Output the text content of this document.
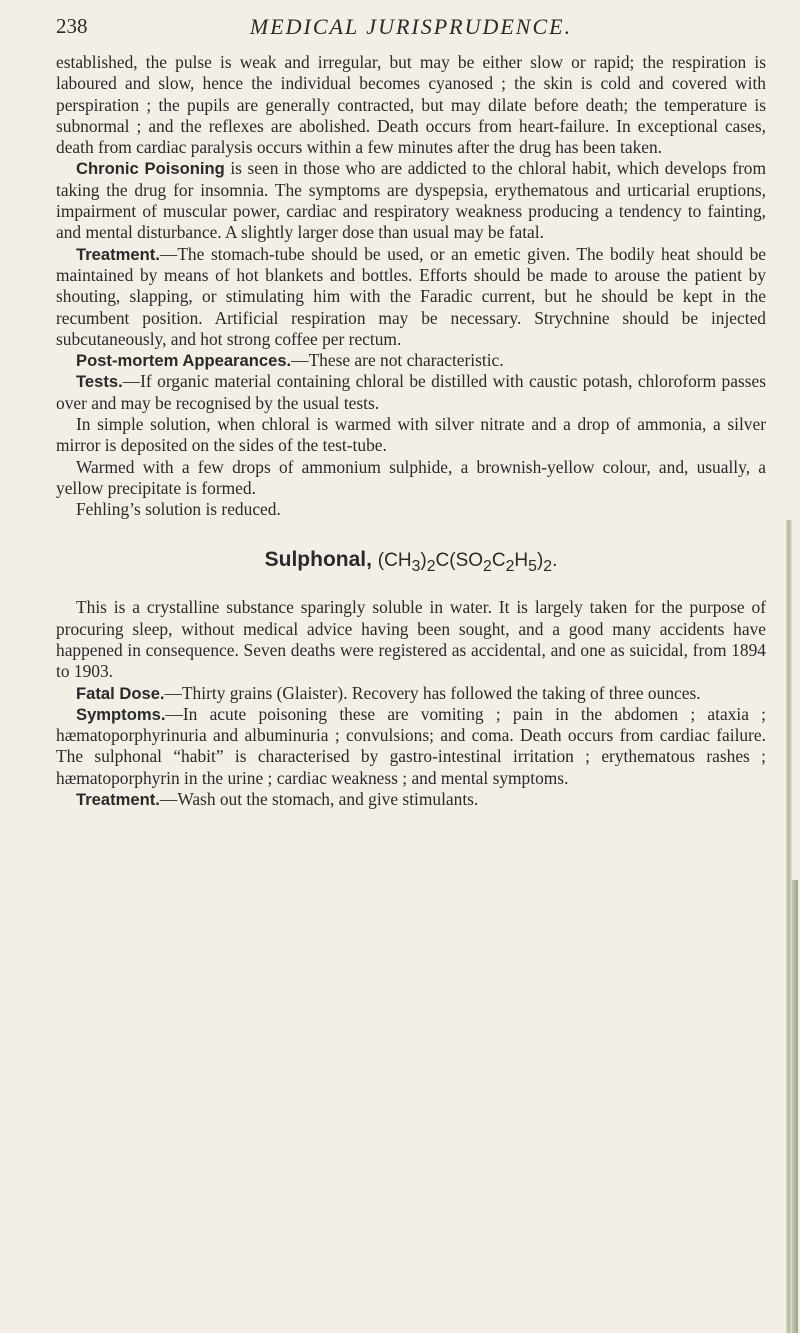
238	MEDICAL JURISPRUDENCE.

established, the pulse is weak and irregular, but may be either slow or rapid; the respiration is laboured and slow, hence the individual becomes cyanosed ; the skin is cold and covered with perspiration ; the pupils are generally contracted, but may dilate before death; the temperature is subnormal ; and the reflexes are abolished. Death occurs from heart-failure. In exceptional cases, death from cardiac paralysis occurs within a few minutes after the drug has been taken.

Chronic Poisoning is seen in those who are addicted to the chloral habit, which develops from taking the drug for insomnia. The symptoms are dyspepsia, erythematous and urticarial eruptions, impairment of muscular power, cardiac and respiratory weakness producing a tendency to fainting, and mental disturbance. A slightly larger dose than usual may be fatal.

Treatment.—The stomach-tube should be used, or an emetic given. The bodily heat should be maintained by means of hot blankets and bottles. Efforts should be made to arouse the patient by shouting, slapping, or stimulating him with the Faradic current, but he should be kept in the recumbent position. Artificial respiration may be necessary. Strychnine should be injected subcutaneously, and hot strong coffee per rectum.

Post-mortem Appearances.—These are not characteristic.

Tests.—If organic material containing chloral be distilled with caustic potash, chloroform passes over and may be recognised by the usual tests.

In simple solution, when chloral is warmed with silver nitrate and a drop of ammonia, a silver mirror is deposited on the sides of the test-tube.

Warmed with a few drops of ammonium sulphide, a brownish-yellow colour, and, usually, a yellow precipitate is formed.

Fehling’s solution is reduced.

Sulphonal, $(CH_3)_2C(SO_2C_2H_5)_2$.

This is a crystalline substance sparingly soluble in water. It is largely taken for the purpose of procuring sleep, without medical advice having been sought, and a good many accidents have happened in consequence. Seven deaths were registered as accidental, and one as suicidal, from 1894 to 1903.

Fatal Dose.—Thirty grains (Glaister). Recovery has followed the taking of three ounces.

Symptoms.—In acute poisoning these are vomiting ; pain in the abdomen ; ataxia ; hæmatoporphyrinuria and albuminuria ; convulsions; and coma. Death occurs from cardiac failure. The sulphonal “habit” is characterised by gastro-intestinal irritation ; erythematous rashes ; hæmatoporphyrin in the urine ; cardiac weakness ; and mental symptoms.

Treatment.—Wash out the stomach, and give stimulants.
